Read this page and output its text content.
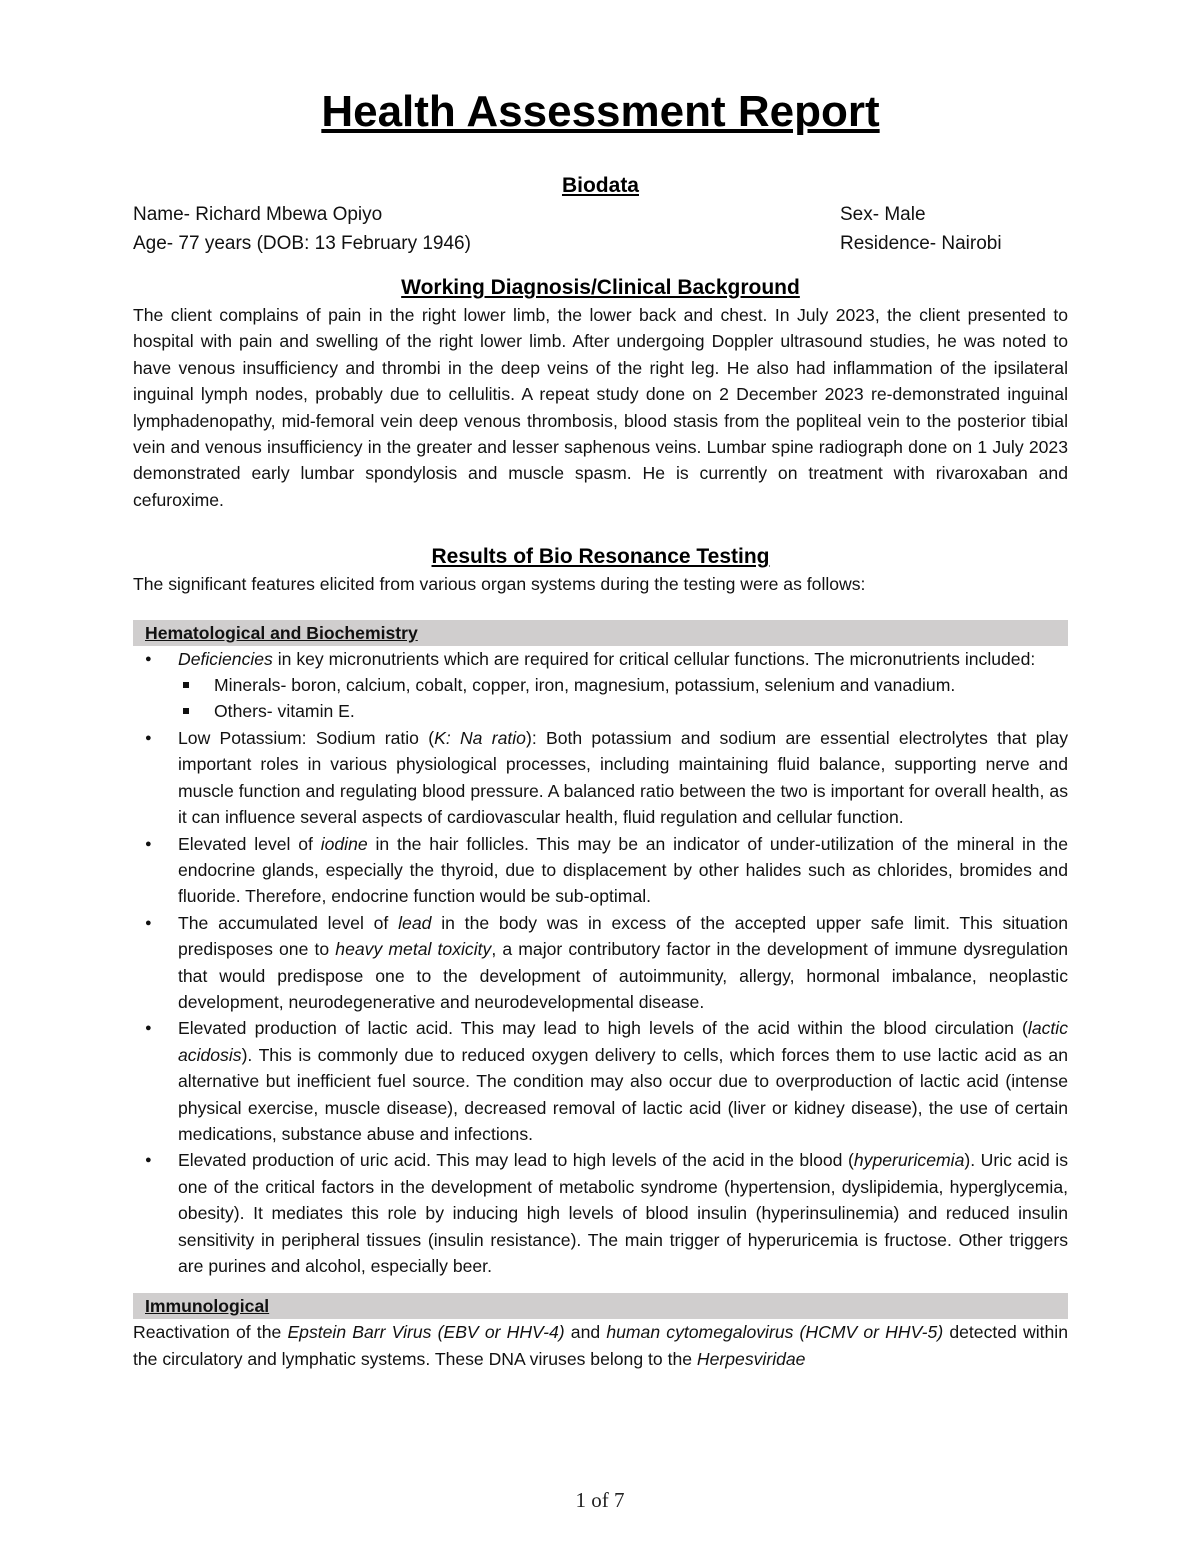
Health Assessment Report
Biodata
Name- Richard Mbewa Opiyo	Sex- Male
Age- 77 years (DOB: 13 February 1946)	Residence- Nairobi
Working Diagnosis/Clinical Background

The client complains of pain in the right lower limb, the lower back and chest. In July 2023, the client presented to hospital with pain and swelling of the right lower limb. After undergoing Doppler ultrasound studies, he was noted to have venous insufficiency and thrombi in the deep veins of the right leg. He also had inflammation of the ipsilateral inguinal lymph nodes, probably due to cellulitis. A repeat study done on 2 December 2023 re-demonstrated inguinal lymphadenopathy, mid-femoral vein deep venous thrombosis, blood stasis from the popliteal vein to the posterior tibial vein and venous insufficiency in the greater and lesser saphenous veins. Lumbar spine radiograph done on 1 July 2023 demonstrated early lumbar spondylosis and muscle spasm. He is currently on treatment with rivaroxaban and cefuroxime.

Results of Bio Resonance Testing

The significant features elicited from various organ systems during the testing were as follows:

Hematological and Biochemistry
● Deficiencies in key micronutrients which are required for critical cellular functions. The micronutrients included:
Minerals- boron, calcium, cobalt, copper, iron, magnesium, potassium, selenium and vanadium.
Others- vitamin E.
● Low Potassium: Sodium ratio (K: Na ratio): Both potassium and sodium are essential electrolytes that play important roles in various physiological processes, including maintaining fluid balance, supporting nerve and muscle function and regulating blood pressure. A balanced ratio between the two is important for overall health, as it can influence several aspects of cardiovascular health, fluid regulation and cellular function.
● Elevated level of iodine in the hair follicles. This may be an indicator of under-utilization of the mineral in the endocrine glands, especially the thyroid, due to displacement by other halides such as chlorides, bromides and fluoride. Therefore, endocrine function would be sub-optimal.
● The accumulated level of lead in the body was in excess of the accepted upper safe limit. This situation predisposes one to heavy metal toxicity, a major contributory factor in the development of immune dysregulation that would predispose one to the development of autoimmunity, allergy, hormonal imbalance, neoplastic development, neurodegenerative and neurodevelopmental disease.
● Elevated production of lactic acid. This may lead to high levels of the acid within the blood circulation (lactic acidosis). This is commonly due to reduced oxygen delivery to cells, which forces them to use lactic acid as an alternative but inefficient fuel source. The condition may also occur due to overproduction of lactic acid (intense physical exercise, muscle disease), decreased removal of lactic acid (liver or kidney disease), the use of certain medications, substance abuse and infections.
● Elevated production of uric acid. This may lead to high levels of the acid in the blood (hyperuricemia). Uric acid is one of the critical factors in the development of metabolic syndrome (hypertension, dyslipidemia, hyperglycemia, obesity). It mediates this role by inducing high levels of blood insulin (hyperinsulinemia) and reduced insulin sensitivity in peripheral tissues (insulin resistance). The main trigger of hyperuricemia is fructose. Other triggers are purines and alcohol, especially beer.
Immunological

Reactivation of the Epstein Barr Virus (EBV or HHV-4) and human cytomegalovirus (HCMV or HHV-5) detected within the circulatory and lymphatic systems. These DNA viruses belong to the Herpesviridae

1 of 7
